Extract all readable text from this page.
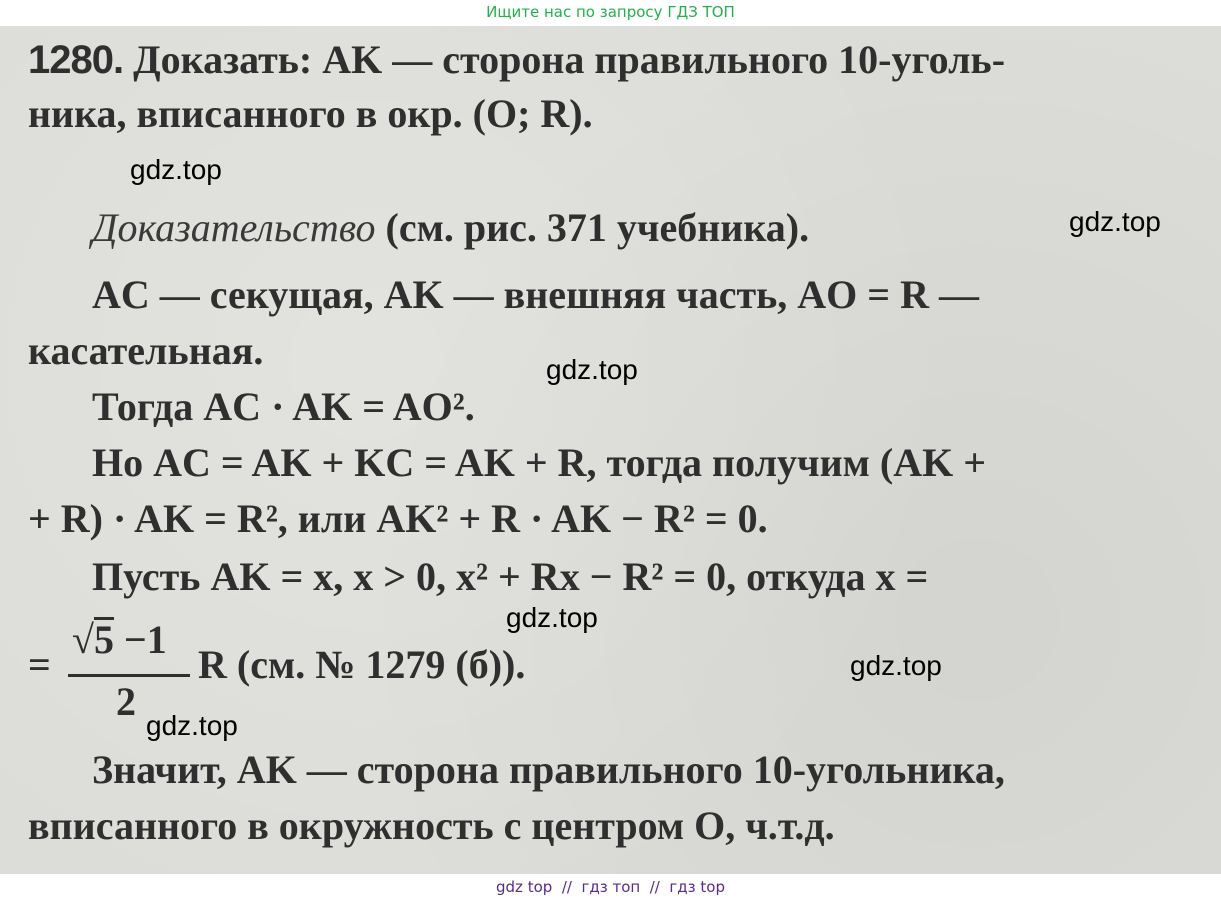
Ищите нас по запросу ГДЗ ТОП
1280. Доказать: AK — сторона правильного 10-уголь-
ника, вписанного в окр. (O; R).
Доказательство (см. рис. 371 учебника).
AC — секущая, AK — внешняя часть, AO = R —
касательная.
Тогда AC · AK = AO².
Но AC = AK + KC = AK + R, тогда получим (AK +
+ R) · AK = R², или AK² + R · AK − R² = 0.
Пусть AK = x, x > 0, x² + Rx − R² = 0, откуда x =
=
√5 −1
2
R (см. № 1279 (б)).
Значит, AK — сторона правильного 10-угольника,
вписанного в окружность с центром O, ч.т.д.
gdz.top
gdz.top
gdz.top
gdz.top
gdz.top
gdz.top
gdz top // гдз топ // гдз top
